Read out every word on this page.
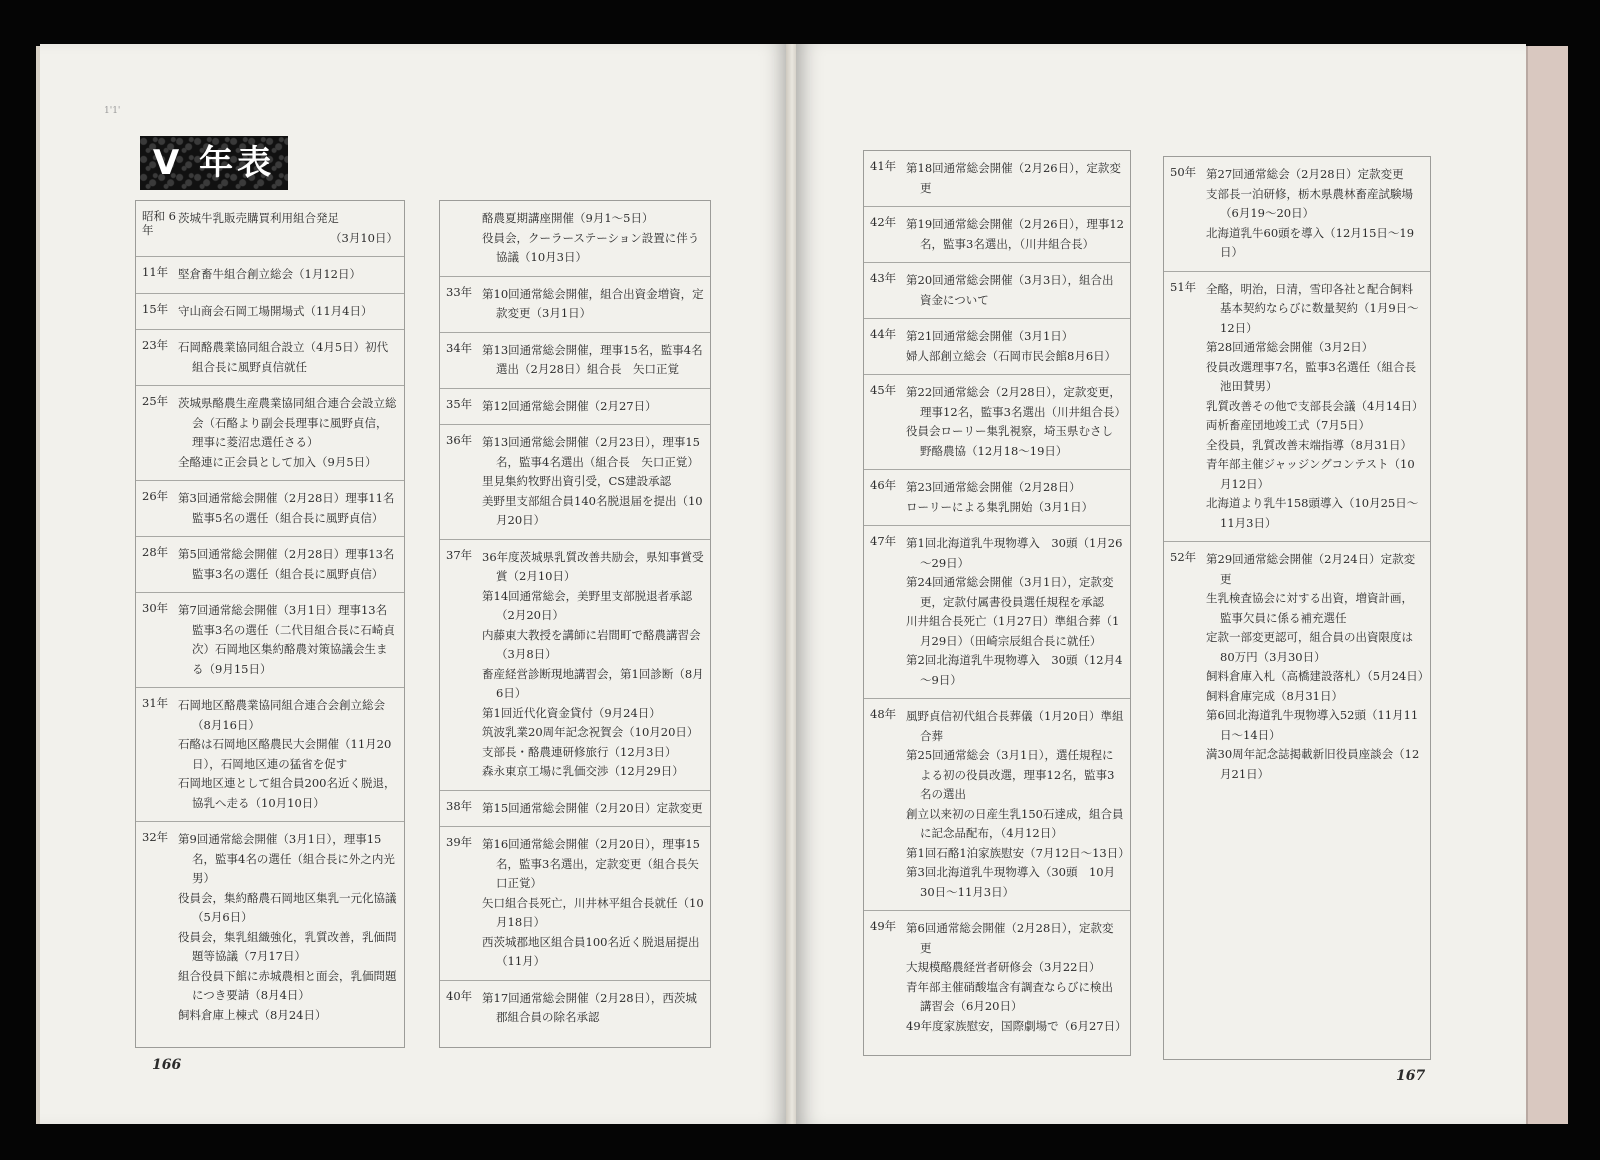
1'1'
V 年表
昭和 6年
茨城牛乳販売購買利用組合発足
（3月10日）
11年 堅倉畜牛組合創立総会（1月12日）
15年 守山商会石岡工場開場式（11月4日）
23年 石岡酪農業協同組合設立（4月5日）初代組合長に風野貞信就任
25年 茨城県酪農生産農業協同組合連合会設立総会（石酪より副会長理事に風野貞信，理事に菱沼忠選任さる）
全酪連に正会員として加入（9月5日）
26年 第3回通常総会開催（2月28日）理事11名監事5名の選任（組合長に風野貞信）
28年 第5回通常総会開催（2月28日）理事13名監事3名の選任（組合長に風野貞信）
30年 第7回通常総会開催（3月1日）理事13名監事3名の選任（二代目組合長に石崎貞次）石岡地区集約酪農対策協議会生まる（9月15日）
31年 石岡地区酪農業協同組合連合会創立総会（8月16日）
石酪は石岡地区酪農民大会開催（11月20日），石岡地区連の猛省を促す
石岡地区連として組合員200名近く脱退，協乳へ走る（10月10日）
32年 第9回通常総会開催（3月1日），理事15名，監事4名の選任（組合長に外之内光男）
役員会，集約酪農石岡地区集乳一元化協議（5月6日）
役員会，集乳組織強化，乳質改善，乳価問題等協議（7月17日）
組合役員下館に赤城農相と面会，乳価問題につき要請（8月4日）
飼料倉庫上棟式（8月24日）
酪農夏期講座開催（9月1～5日）
役員会，クーラーステーション設置に伴う協議（10月3日）
33年 第10回通常総会開催，組合出資金増資，定款変更（3月1日）
34年 第13回通常総会開催，理事15名，監事4名選出（2月28日）組合長　矢口正覚
35年 第12回通常総会開催（2月27日）
36年 第13回通常総会開催（2月23日），理事15名，監事4名選出（組合長　矢口正覚）
里見集約牧野出資引受，CS建設承認
美野里支部組合員140名脱退届を提出（10月20日）
37年 36年度茨城県乳質改善共励会，県知事賞受賞（2月10日）
第14回通常総会，美野里支部脱退者承認（2月20日）
内藤東大教授を講師に岩間町で酪農講習会（3月8日）
畜産経営診断現地講習会，第1回診断（8月6日）
第1回近代化資金貸付（9月24日）
筑波乳業20周年記念祝賀会（10月20日）
支部長・酪農連研修旅行（12月3日）
森永東京工場に乳価交渉（12月29日）
38年 第15回通常総会開催（2月20日）定款変更
39年 第16回通常総会開催（2月20日），理事15名，監事3名選出，定款変更（組合長矢口正覚）
矢口組合長死亡，川井林平組合長就任（10月18日）
西茨城郡地区組合員100名近く脱退届提出（11月）
40年 第17回通常総会開催（2月28日），西茨城郡組合員の除名承認
41年 第18回通常総会開催（2月26日），定款変更
42年 第19回通常総会開催（2月26日），理事12名，監事3名選出，（川井組合長）
43年 第20回通常総会開催（3月3日），組合出資金について
44年 第21回通常総会開催（3月1日）
婦人部創立総会（石岡市民会館8月6日）
45年 第22回通常総会（2月28日），定款変更，理事12名，監事3名選出（川井組合長）
役員会ローリー集乳視察，埼玉県むさし野酪農協（12月18～19日）
46年 第23回通常総会開催（2月28日）
ローリーによる集乳開始（3月1日）
47年 第1回北海道乳牛現物導入　30頭（1月26～29日）
第24回通常総会開催（3月1日），定款変更，定款付属書役員選任規程を承認
川井組合長死亡（1月27日）準組合葬（1月29日）（田崎宗辰組合長に就任）
第2回北海道乳牛現物導入　30頭（12月4～9日）
48年 風野貞信初代組合長葬儀（1月20日）準組合葬
第25回通常総会（3月1日），選任規程による初の役員改選，理事12名，監事3名の選出
創立以来初の日産生乳150石達成，組合員に記念品配布，（4月12日）
第1回石酪1泊家族慰安（7月12日～13日）
第3回北海道乳牛現物導入（30頭　10月30日～11月3日）
49年 第6回通常総会開催（2月28日），定款変更
大規模酪農経営者研修会（3月22日）
青年部主催硝酸塩含有調査ならびに検出講習会（6月20日）
49年度家族慰安，国際劇場で（6月27日）
50年 第27回通常総会（2月28日）定款変更
支部長一泊研修，栃木県農林畜産試験場（6月19～20日）
北海道乳牛60頭を導入（12月15日～19日）
51年 全酪，明治，日清，雪印各社と配合飼料基本契約ならびに数量契約（1月9日～12日）
第28回通常総会開催（3月2日）
役員改選理事7名，監事3名選任（組合長池田賛男）
乳質改善その他で支部長会議（4月14日）
両析畜産団地竣工式（7月5日）
全役員，乳質改善末端指導（8月31日）
青年部主催ジャッジングコンテスト（10月12日）
北海道より乳牛158頭導入（10月25日～11月3日）
52年 第29回通常総会開催（2月24日）定款変更
生乳検査協会に対する出資，増資計画，監事欠員に係る補充選任
定款一部変更認可，組合員の出資限度は80万円（3月30日）
飼料倉庫入札（高橋建設落札）（5月24日）
飼料倉庫完成（8月31日）
第6回北海道乳牛現物導入52頭（11月11日～14日）
満30周年記念誌掲載新旧役員座談会（12月21日）
166
167
